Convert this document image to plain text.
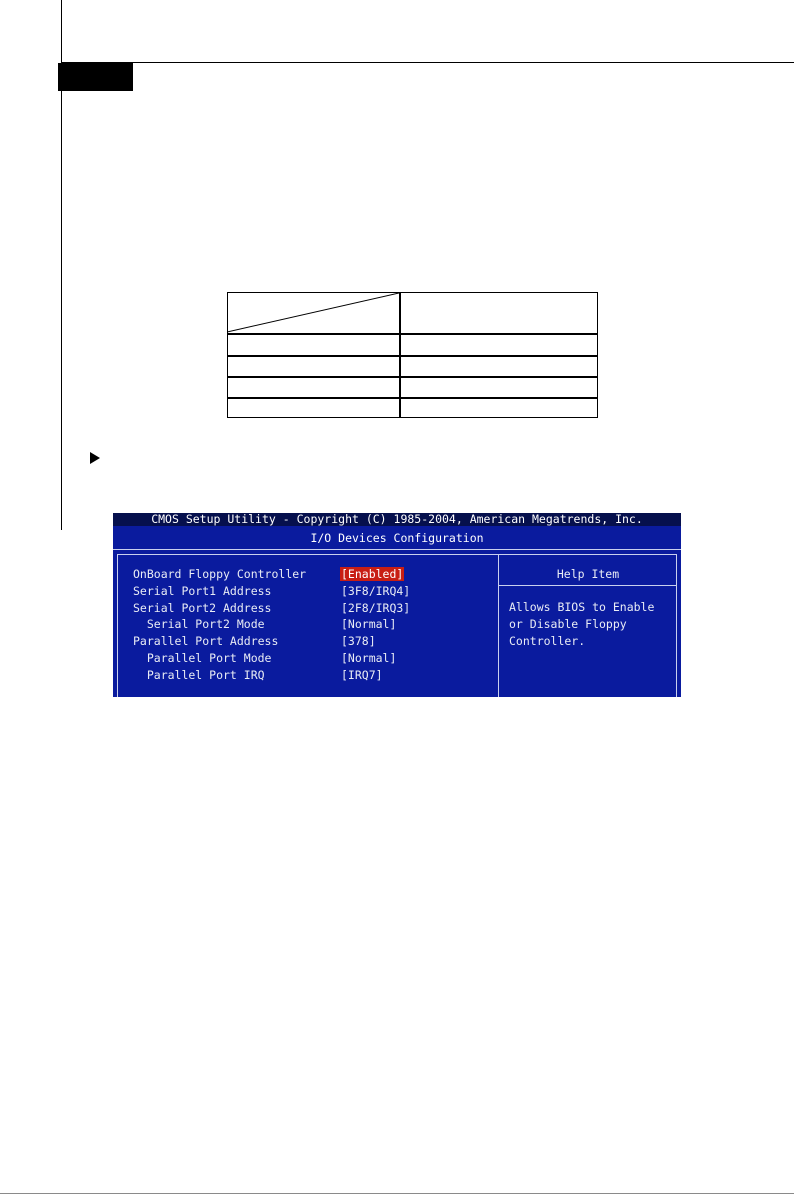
CMOS Setup Utility - Copyright (C) 1985-2004, American Megatrends, Inc.
I/O Devices Configuration
OnBoard Floppy Controller	[Enabled]
Serial Port1 Address	[3F8/IRQ4]
Serial Port2 Address	[2F8/IRQ3]
Serial Port2 Mode	[Normal]
Parallel Port Address	[378]
Parallel Port Mode	[Normal]
Parallel Port IRQ	[IRQ7]
Help Item
Allows BIOS to Enable
or Disable Floppy
Controller.
